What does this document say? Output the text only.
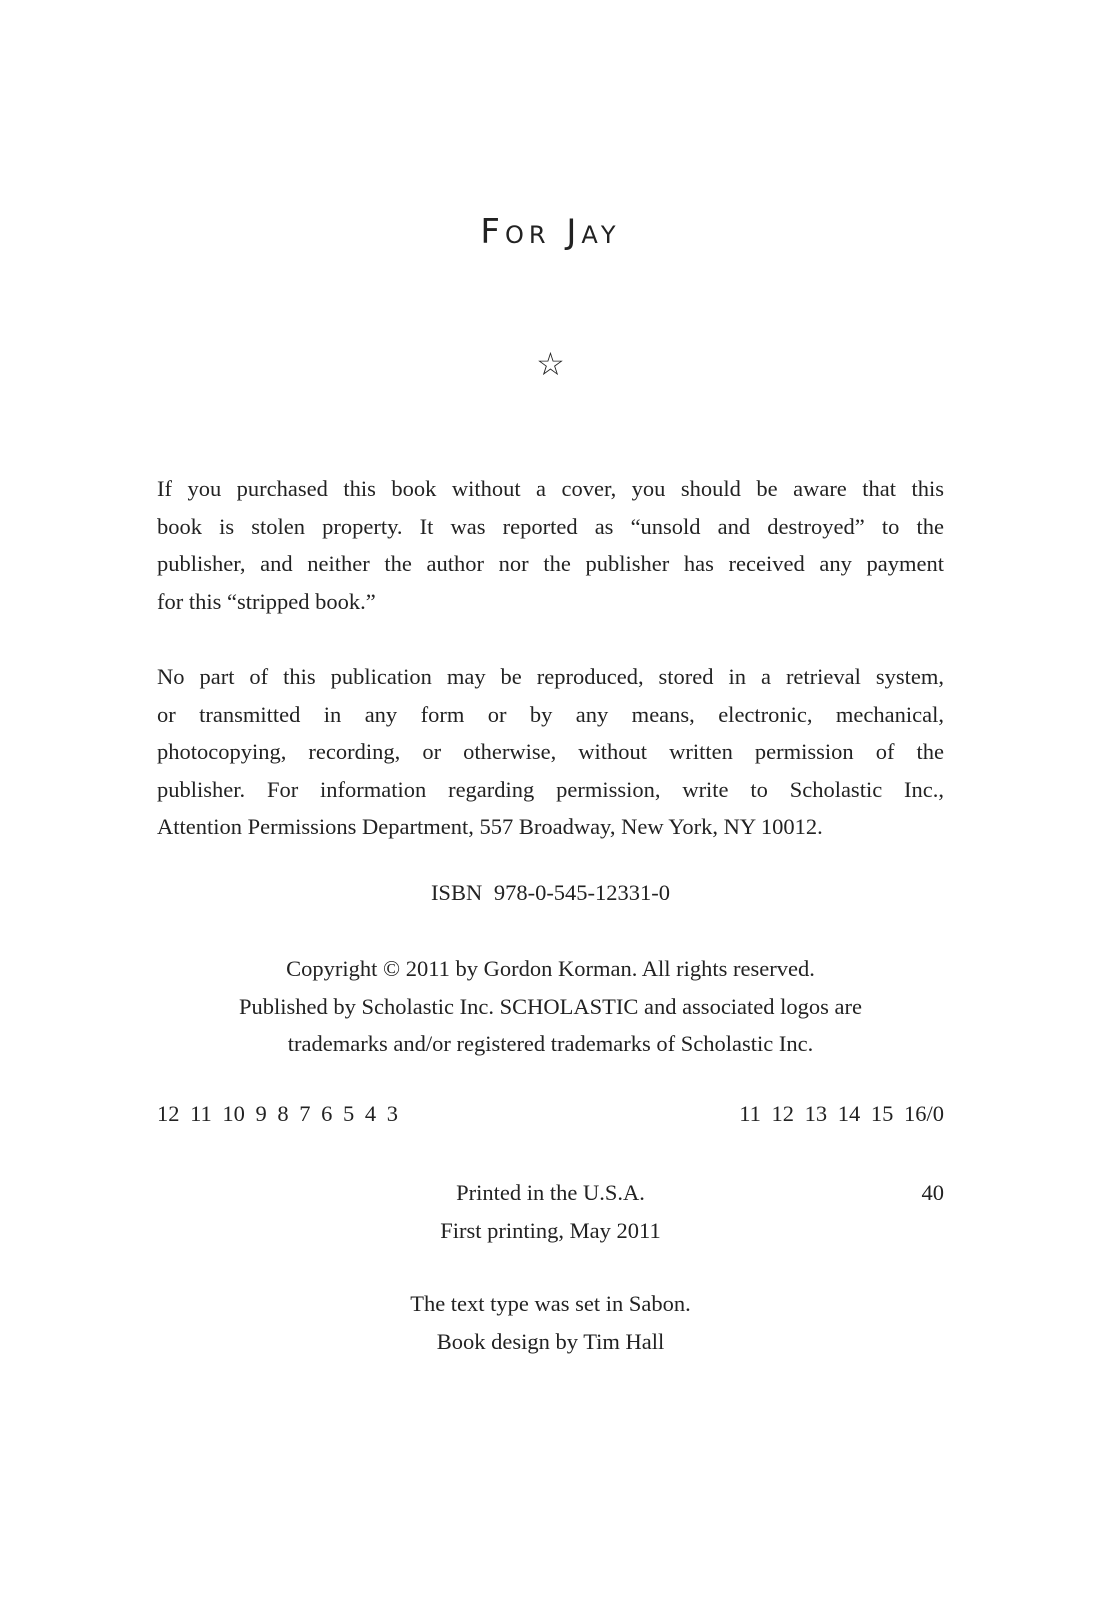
For Jay
☆
If you purchased this book without a cover, you should be aware that this
book is stolen property. It was reported as “unsold and destroyed” to the
publisher, and neither the author nor the publisher has received any payment
for this “stripped book.”
No part of this publication may be reproduced, stored in a retrieval system,
or transmitted in any form or by any means, electronic, mechanical,
photocopying, recording, or otherwise, without written permission of the
publisher. For information regarding permission, write to Scholastic Inc.,
Attention Permissions Department, 557 Broadway, New York, NY 10012.
ISBN 978-0-545-12331-0
Copyright © 2011 by Gordon Korman. All rights reserved.
Published by Scholastic Inc. SCHOLASTIC and associated logos are
trademarks and/or registered trademarks of Scholastic Inc.
12 11 10 9 8 7 6 5 4 3	11 12 13 14 15 16/0
Printed in the U.S.A.
First printing, May 2011
40
The text type was set in Sabon.
Book design by Tim Hall
